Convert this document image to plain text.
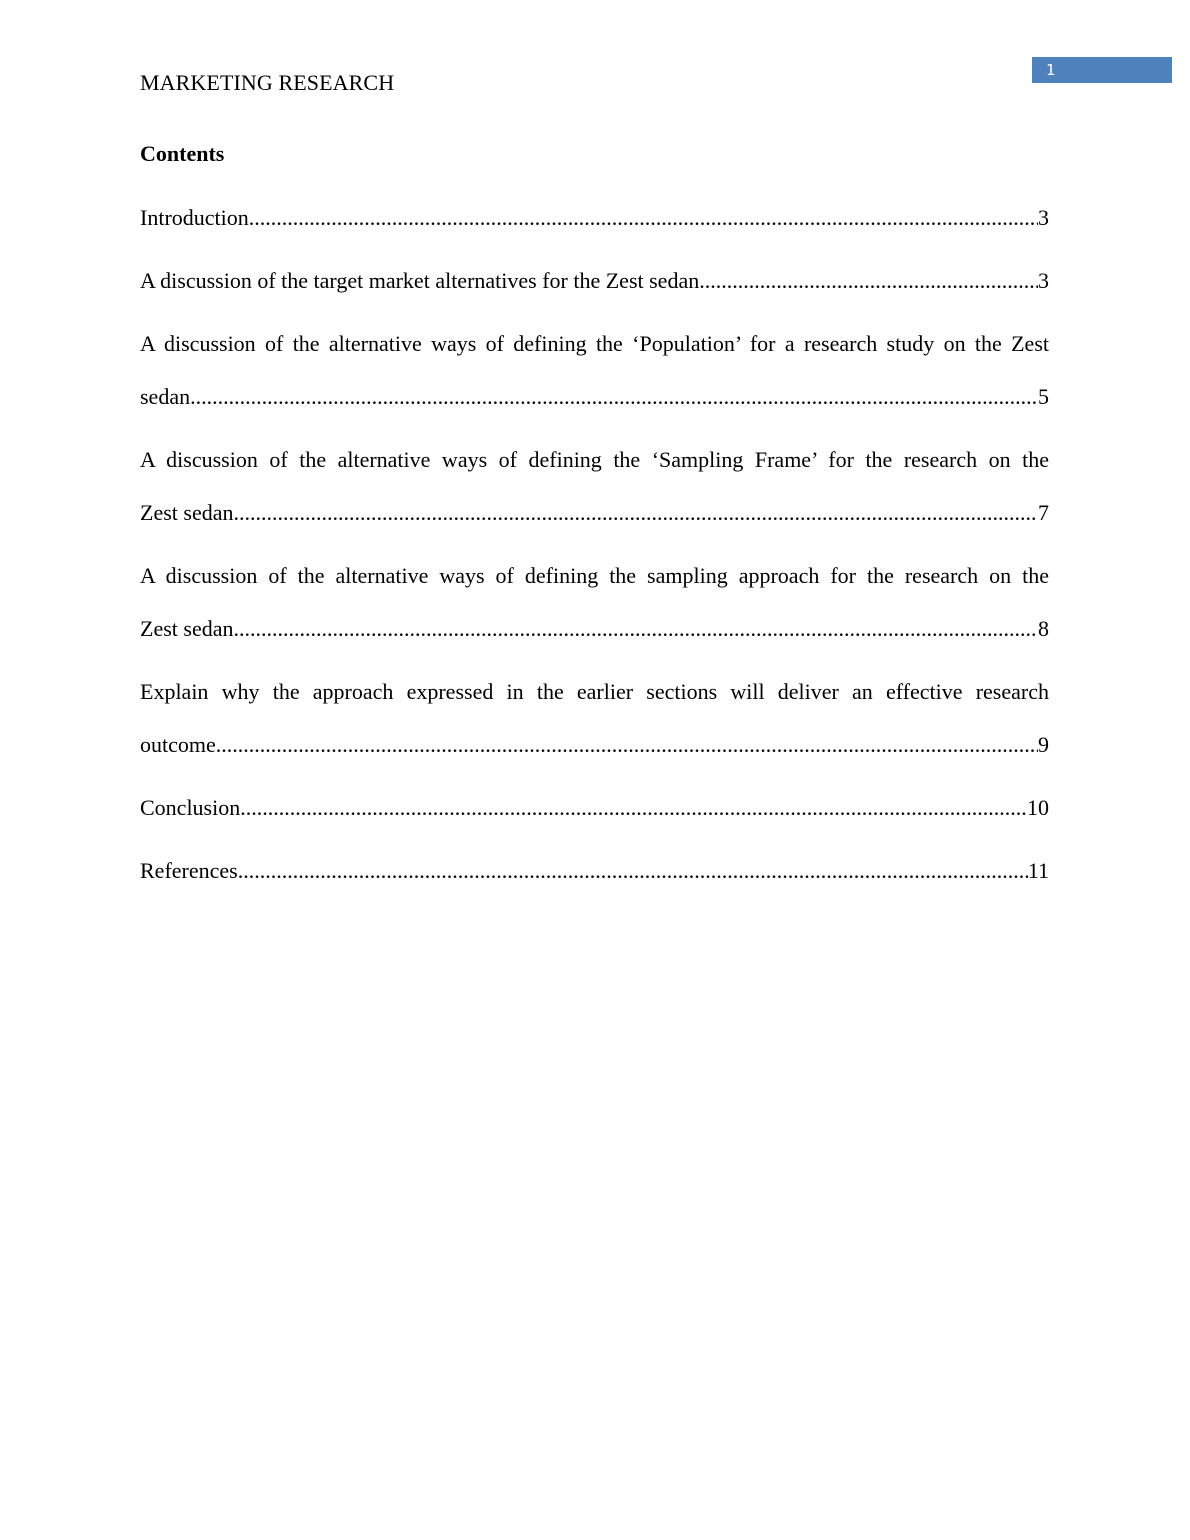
1
MARKETING RESEARCH
Contents
Introduction .....	3
A discussion of the target market alternatives for the Zest sedan .....	3
A discussion of the alternative ways of defining the ‘Population’ for a research study on the Zest
sedan .....	5
A discussion of the alternative ways of defining the ‘Sampling Frame’ for the research on the
Zest sedan .....	7
A discussion of the alternative ways of defining the sampling approach for the research on the
Zest sedan .....	8
Explain why the approach expressed in the earlier sections will deliver an effective research
outcome .....	9
Conclusion .....	10
References .....	11
